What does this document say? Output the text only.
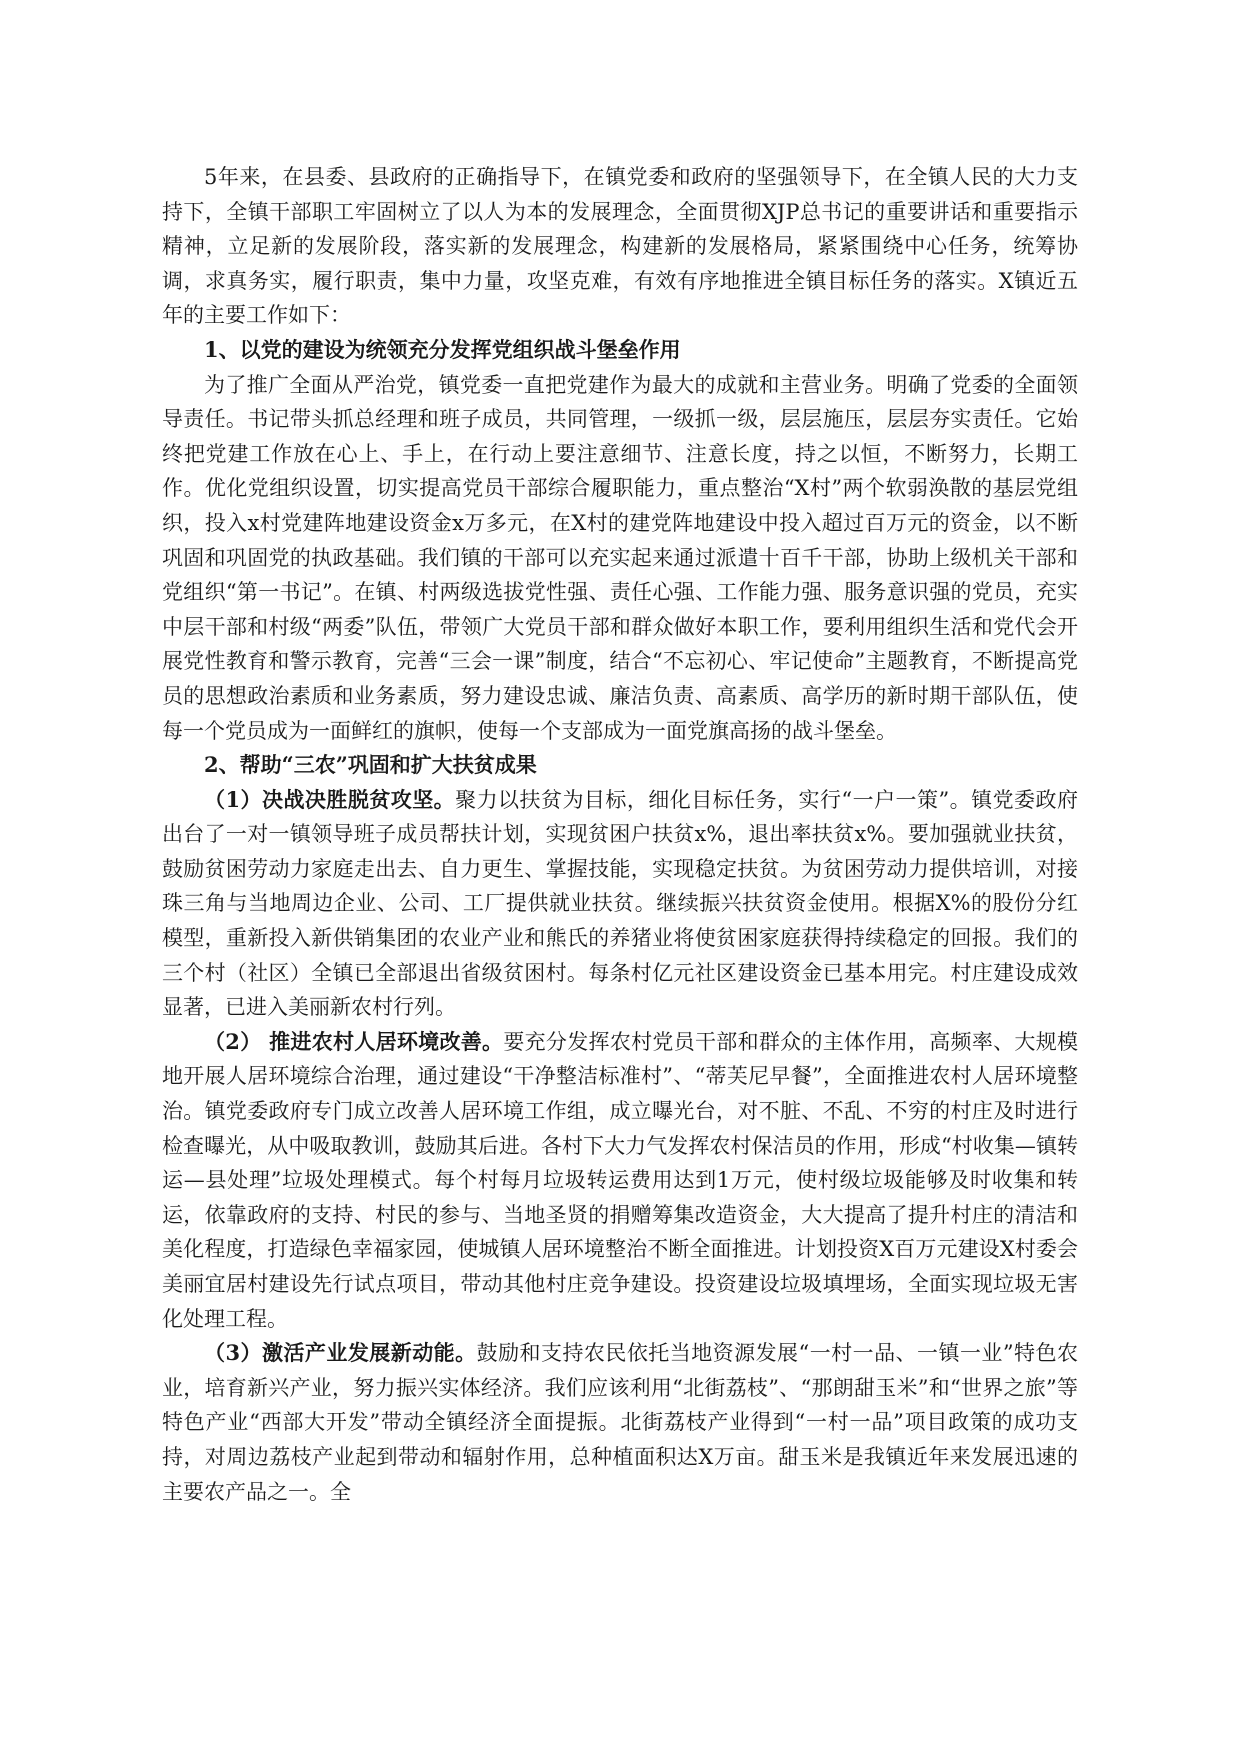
5年来，在县委、县政府的正确指导下，在镇党委和政府的坚强领导下，在全镇人民的大力支持下，全镇干部职工牢固树立了以人为本的发展理念，全面贯彻XJP总书记的重要讲话和重要指示精神，立足新的发展阶段，落实新的发展理念，构建新的发展格局，紧紧围绕中心任务，统筹协调，求真务实，履行职责，集中力量，攻坚克难，有效有序地推进全镇目标任务的落实。X镇近五年的主要工作如下：

1、以党的建设为统领充分发挥党组织战斗堡垒作用

为了推广全面从严治党，镇党委一直把党建作为最大的成就和主营业务。明确了党委的全面领导责任。书记带头抓总经理和班子成员，共同管理，一级抓一级，层层施压，层层夯实责任。它始终把党建工作放在心上、手上，在行动上要注意细节、注意长度，持之以恒，不断努力，长期工作。优化党组织设置，切实提高党员干部综合履职能力，重点整治“X村”两个软弱涣散的基层党组织，投入x村党建阵地建设资金x万多元，在X村的建党阵地建设中投入超过百万元的资金，以不断巩固和巩固党的执政基础。我们镇的干部可以充实起来通过派遣十百千干部，协助上级机关干部和党组织“第一书记”。在镇、村两级选拔党性强、责任心强、工作能力强、服务意识强的党员，充实中层干部和村级“两委”队伍，带领广大党员干部和群众做好本职工作，要利用组织生活和党代会开展党性教育和警示教育，完善“三会一课”制度，结合“不忘初心、牢记使命”主题教育，不断提高党员的思想政治素质和业务素质，努力建设忠诚、廉洁负责、高素质、高学历的新时期干部队伍，使每一个党员成为一面鲜红的旗帜，使每一个支部成为一面党旗高扬的战斗堡垒。

2、帮助“三农”巩固和扩大扶贫成果

（1）决战决胜脱贫攻坚。聚力以扶贫为目标，细化目标任务，实行“一户一策”。镇党委政府出台了一对一镇领导班子成员帮扶计划，实现贫困户扶贫x%，退出率扶贫x%。要加强就业扶贫，鼓励贫困劳动力家庭走出去、自力更生、掌握技能，实现稳定扶贫。为贫困劳动力提供培训，对接珠三角与当地周边企业、公司、工厂提供就业扶贫。继续振兴扶贫资金使用。根据X%的股份分红模型，重新投入新供销集团的农业产业和熊氏的养猪业将使贫困家庭获得持续稳定的回报。我们的三个村（社区）全镇已全部退出省级贫困村。每条村亿元社区建设资金已基本用完。村庄建设成效显著，已进入美丽新农村行列。

（2） 推进农村人居环境改善。要充分发挥农村党员干部和群众的主体作用，高频率、大规模地开展人居环境综合治理，通过建设“干净整洁标准村”、“蒂芙尼早餐”，全面推进农村人居环境整治。镇党委政府专门成立改善人居环境工作组，成立曝光台，对不脏、不乱、不穷的村庄及时进行检查曝光，从中吸取教训，鼓励其后进。各村下大力气发挥农村保洁员的作用，形成“村收集—镇转运—县处理”垃圾处理模式。每个村每月垃圾转运费用达到1万元，使村级垃圾能够及时收集和转运，依靠政府的支持、村民的参与、当地圣贤的捐赠筹集改造资金，大大提高了提升村庄的清洁和美化程度，打造绿色幸福家园，使城镇人居环境整治不断全面推进。计划投资X百万元建设X村委会美丽宜居村建设先行试点项目，带动其他村庄竞争建设。投资建设垃圾填埋场，全面实现垃圾无害化处理工程。

（3）激活产业发展新动能。鼓励和支持农民依托当地资源发展“一村一品、一镇一业”特色农业，培育新兴产业，努力振兴实体经济。我们应该利用“北街荔枝”、“那朗甜玉米”和“世界之旅”等特色产业“西部大开发”带动全镇经济全面提振。北街荔枝产业得到“一村一品”项目政策的成功支持，对周边荔枝产业起到带动和辐射作用，总种植面积达X万亩。甜玉米是我镇近年来发展迅速的主要农产品之一。全
